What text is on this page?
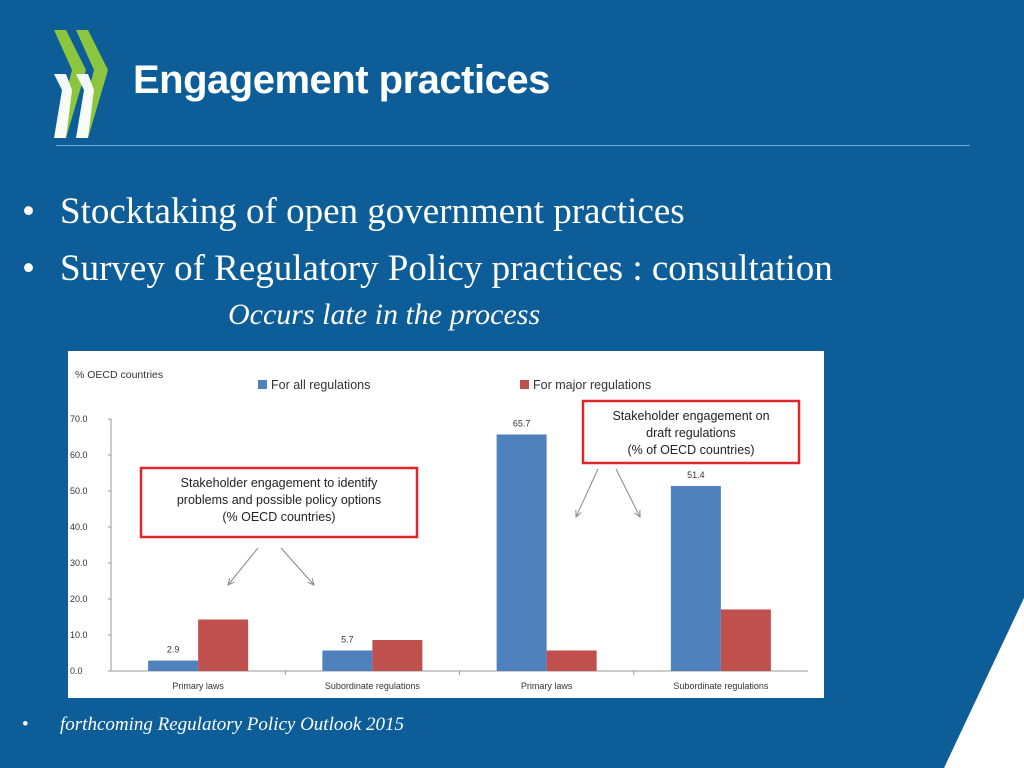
Engagement practices
• Stocktaking of open government practices
• Survey of Regulatory Policy practices : consultation
Occurs late in the process
% OECD countries
For all regulations	For major regulations
0.0
10.0
20.0
30.0
40.0
50.0
60.0
70.0
Primary laws
2.9
Subordinate regulations
5.7
Primary laws
65.7
Subordinate regulations
51.4
Stakeholder engagement to identify
problems and possible policy options
(% OECD countries)
Stakeholder engagement on
draft regulations
(% of OECD countries)
• forthcoming Regulatory Policy Outlook 2015
